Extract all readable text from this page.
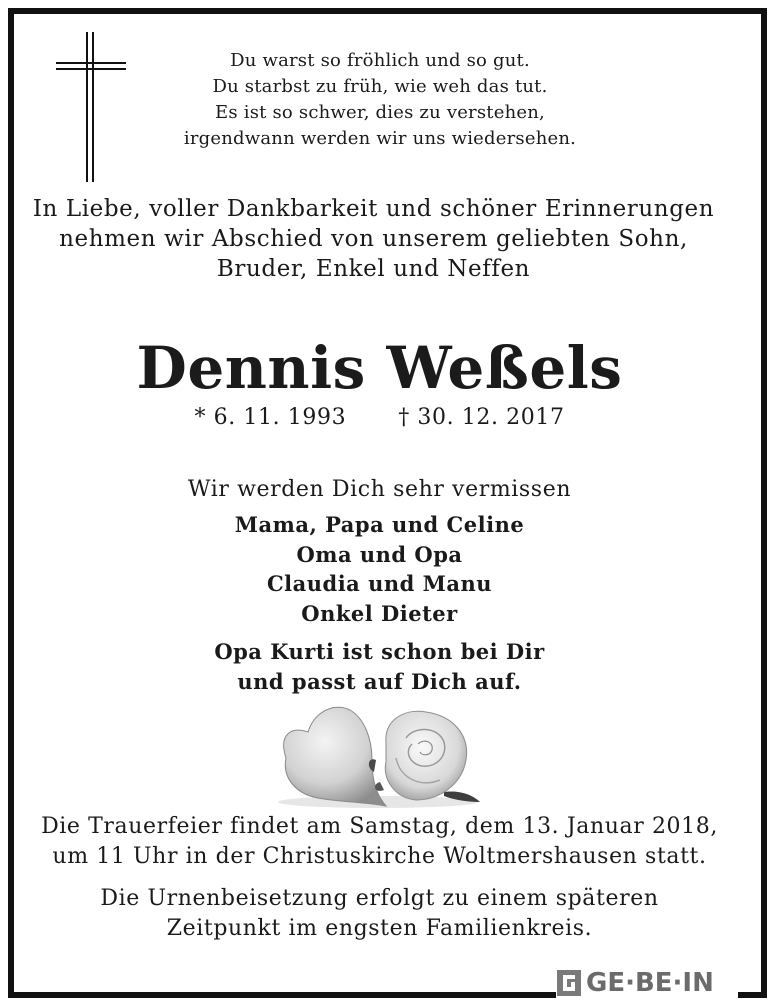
Du warst so fröhlich und so gut.
Du starbst zu früh, wie weh das tut.
Es ist so schwer, dies zu verstehen,
irgendwann werden wir uns wiedersehen.
In Liebe, voller Dankbarkeit und schöner Erinnerungen
nehmen wir Abschied von unserem geliebten Sohn,
Bruder, Enkel und Neffen
Dennis Weßels
* 6. 11. 1993 † 30. 12. 2017
Wir werden Dich sehr vermissen
Mama, Papa und Celine
Oma und Opa
Claudia und Manu
Onkel Dieter
Opa Kurti ist schon bei Dir
und passt auf Dich auf.
Die Trauerfeier findet am Samstag, dem 13. Januar 2018,
um 11 Uhr in der Christuskirche Woltmershausen statt.
Die Urnenbeisetzung erfolgt zu einem späteren
Zeitpunkt im engsten Familienkreis.
GE·BE·IN
